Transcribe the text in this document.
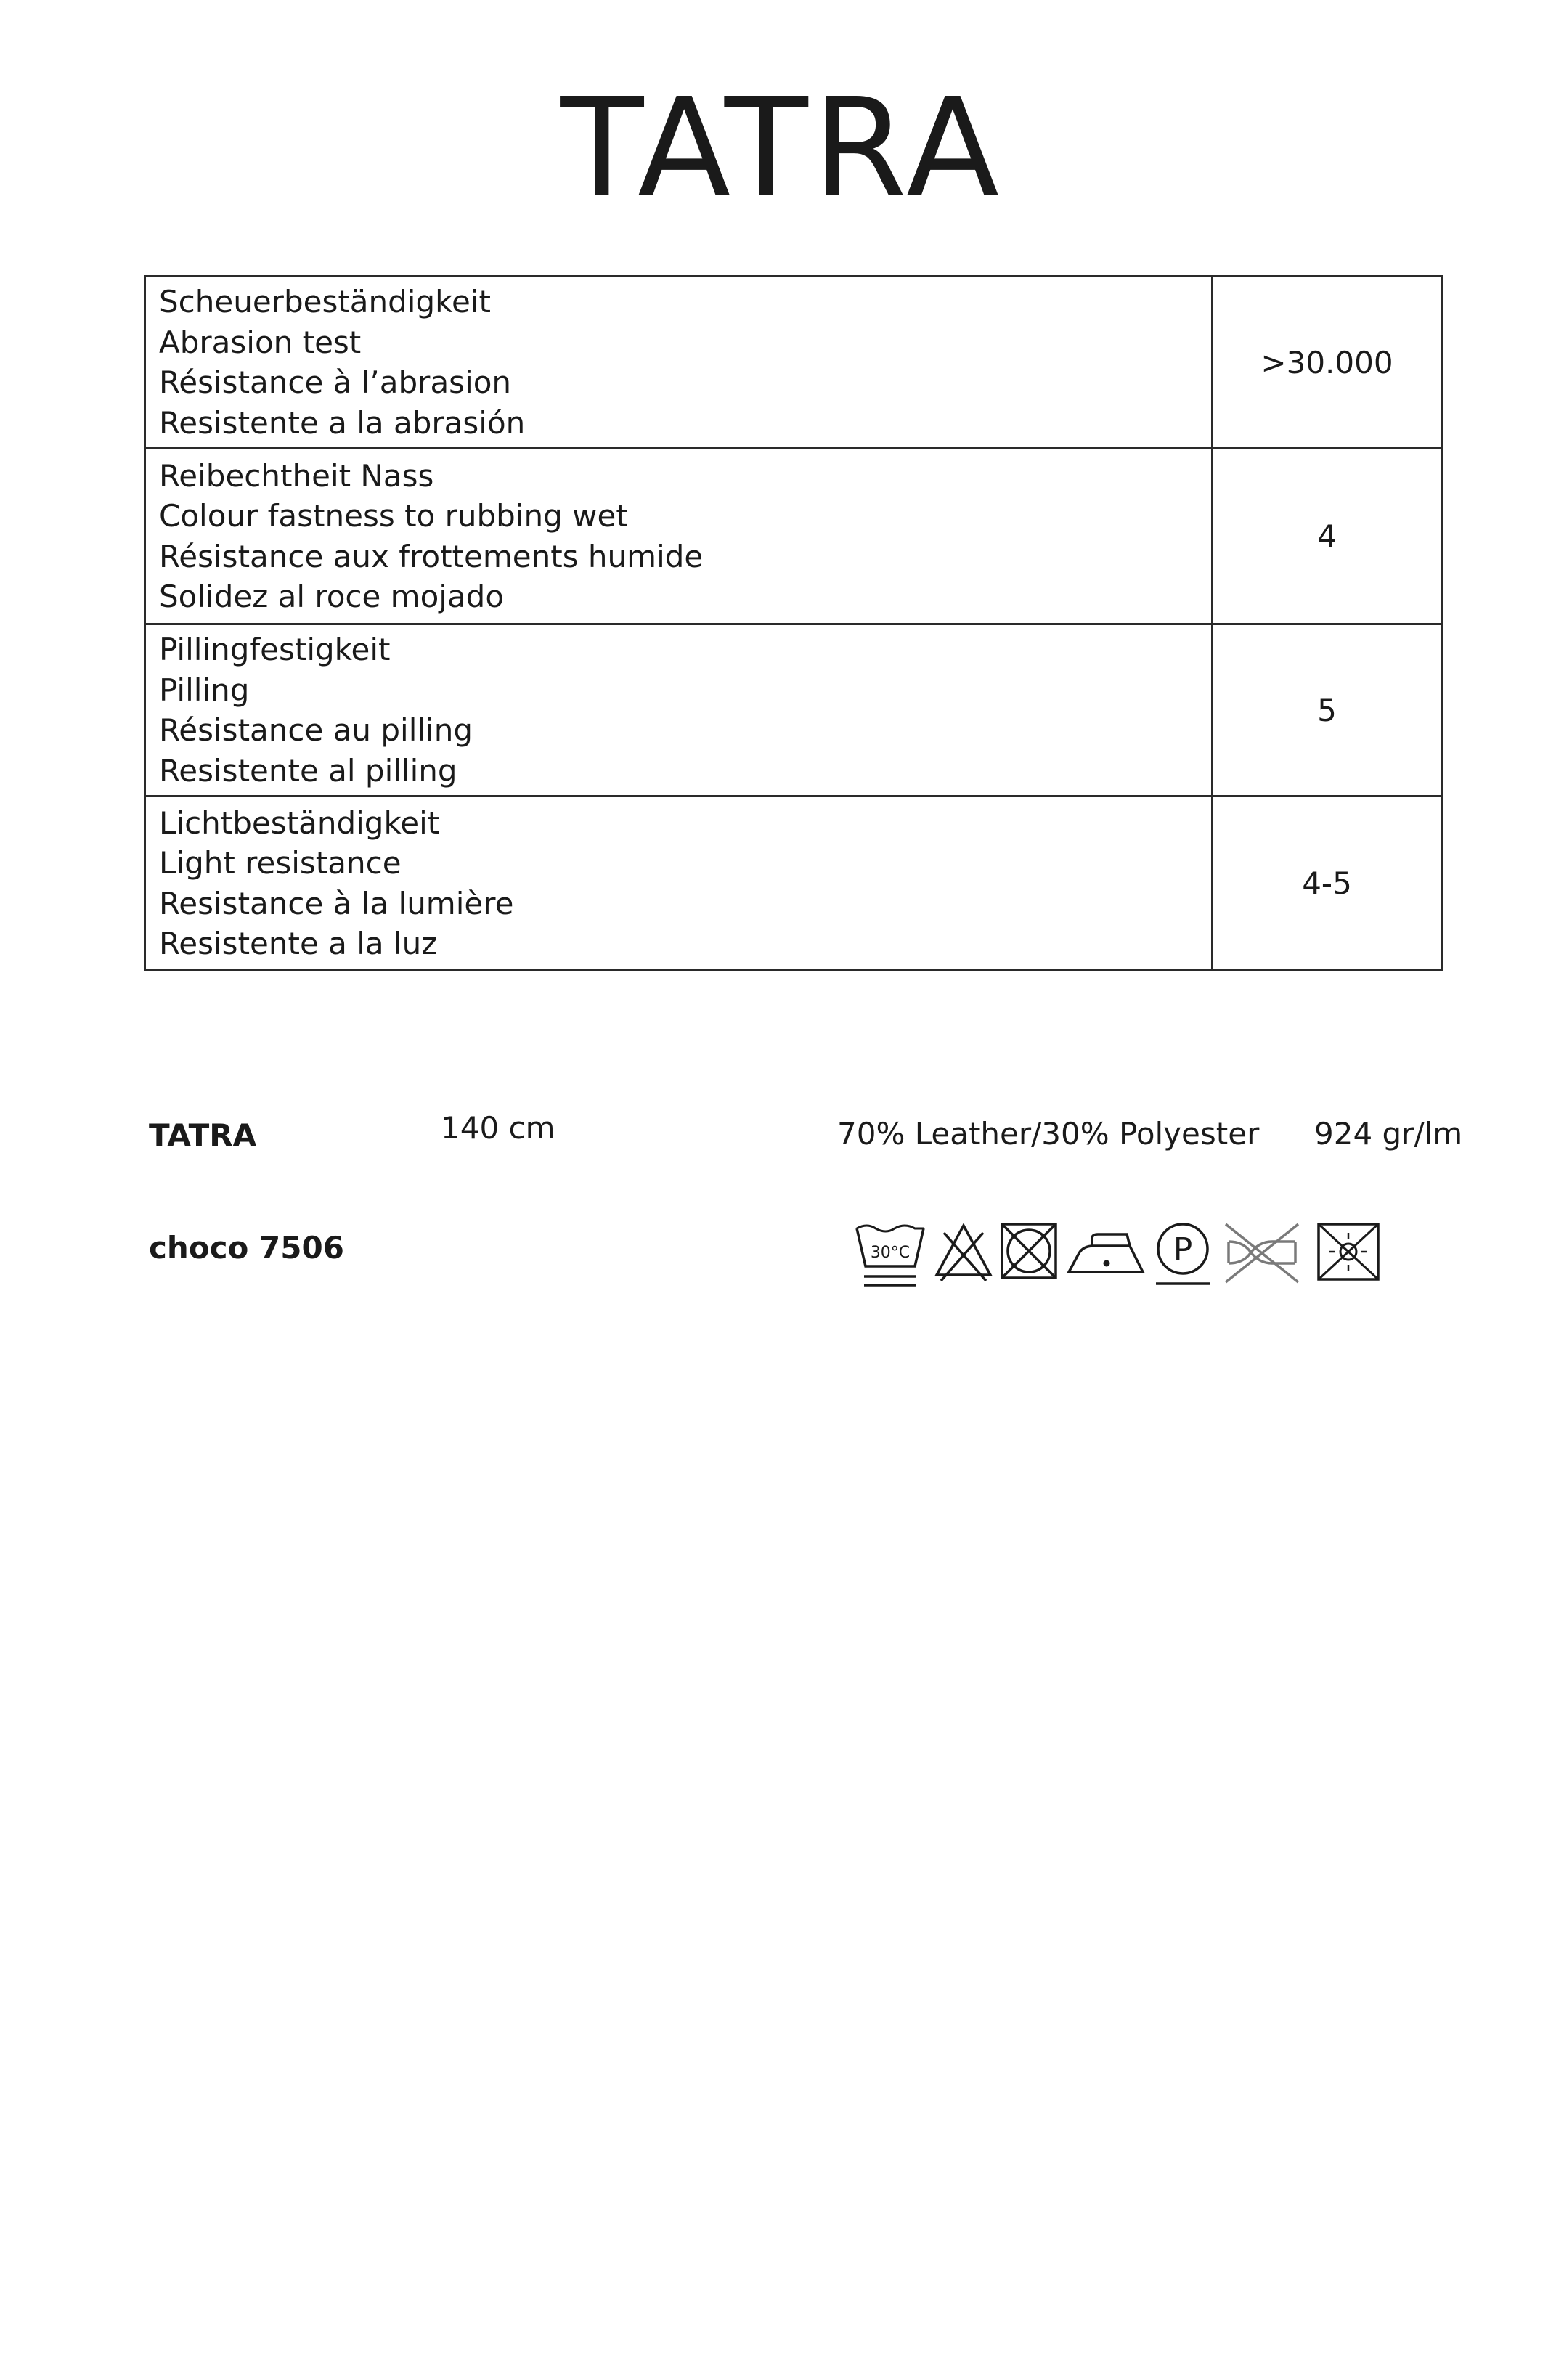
TATRA
Scheuerbeständigkeit
Abrasion test
Résistance à l’abrasion
Resistente a la abrasión	>30.000

Reibechtheit Nass
Colour fastness to rubbing wet
Résistance aux frottements humide
Solidez al roce mojado	4

Pillingfestigkeit
Pilling
Résistance au pilling
Resistente al pilling	5

Lichtbeständigkeit
Light resistance
Resistance à la lumière
Resistente a la luz	4-5
TATRA	140 cm	70% Leather/30% Polyester 924 gr/lm
choco 7506	30°C	P
